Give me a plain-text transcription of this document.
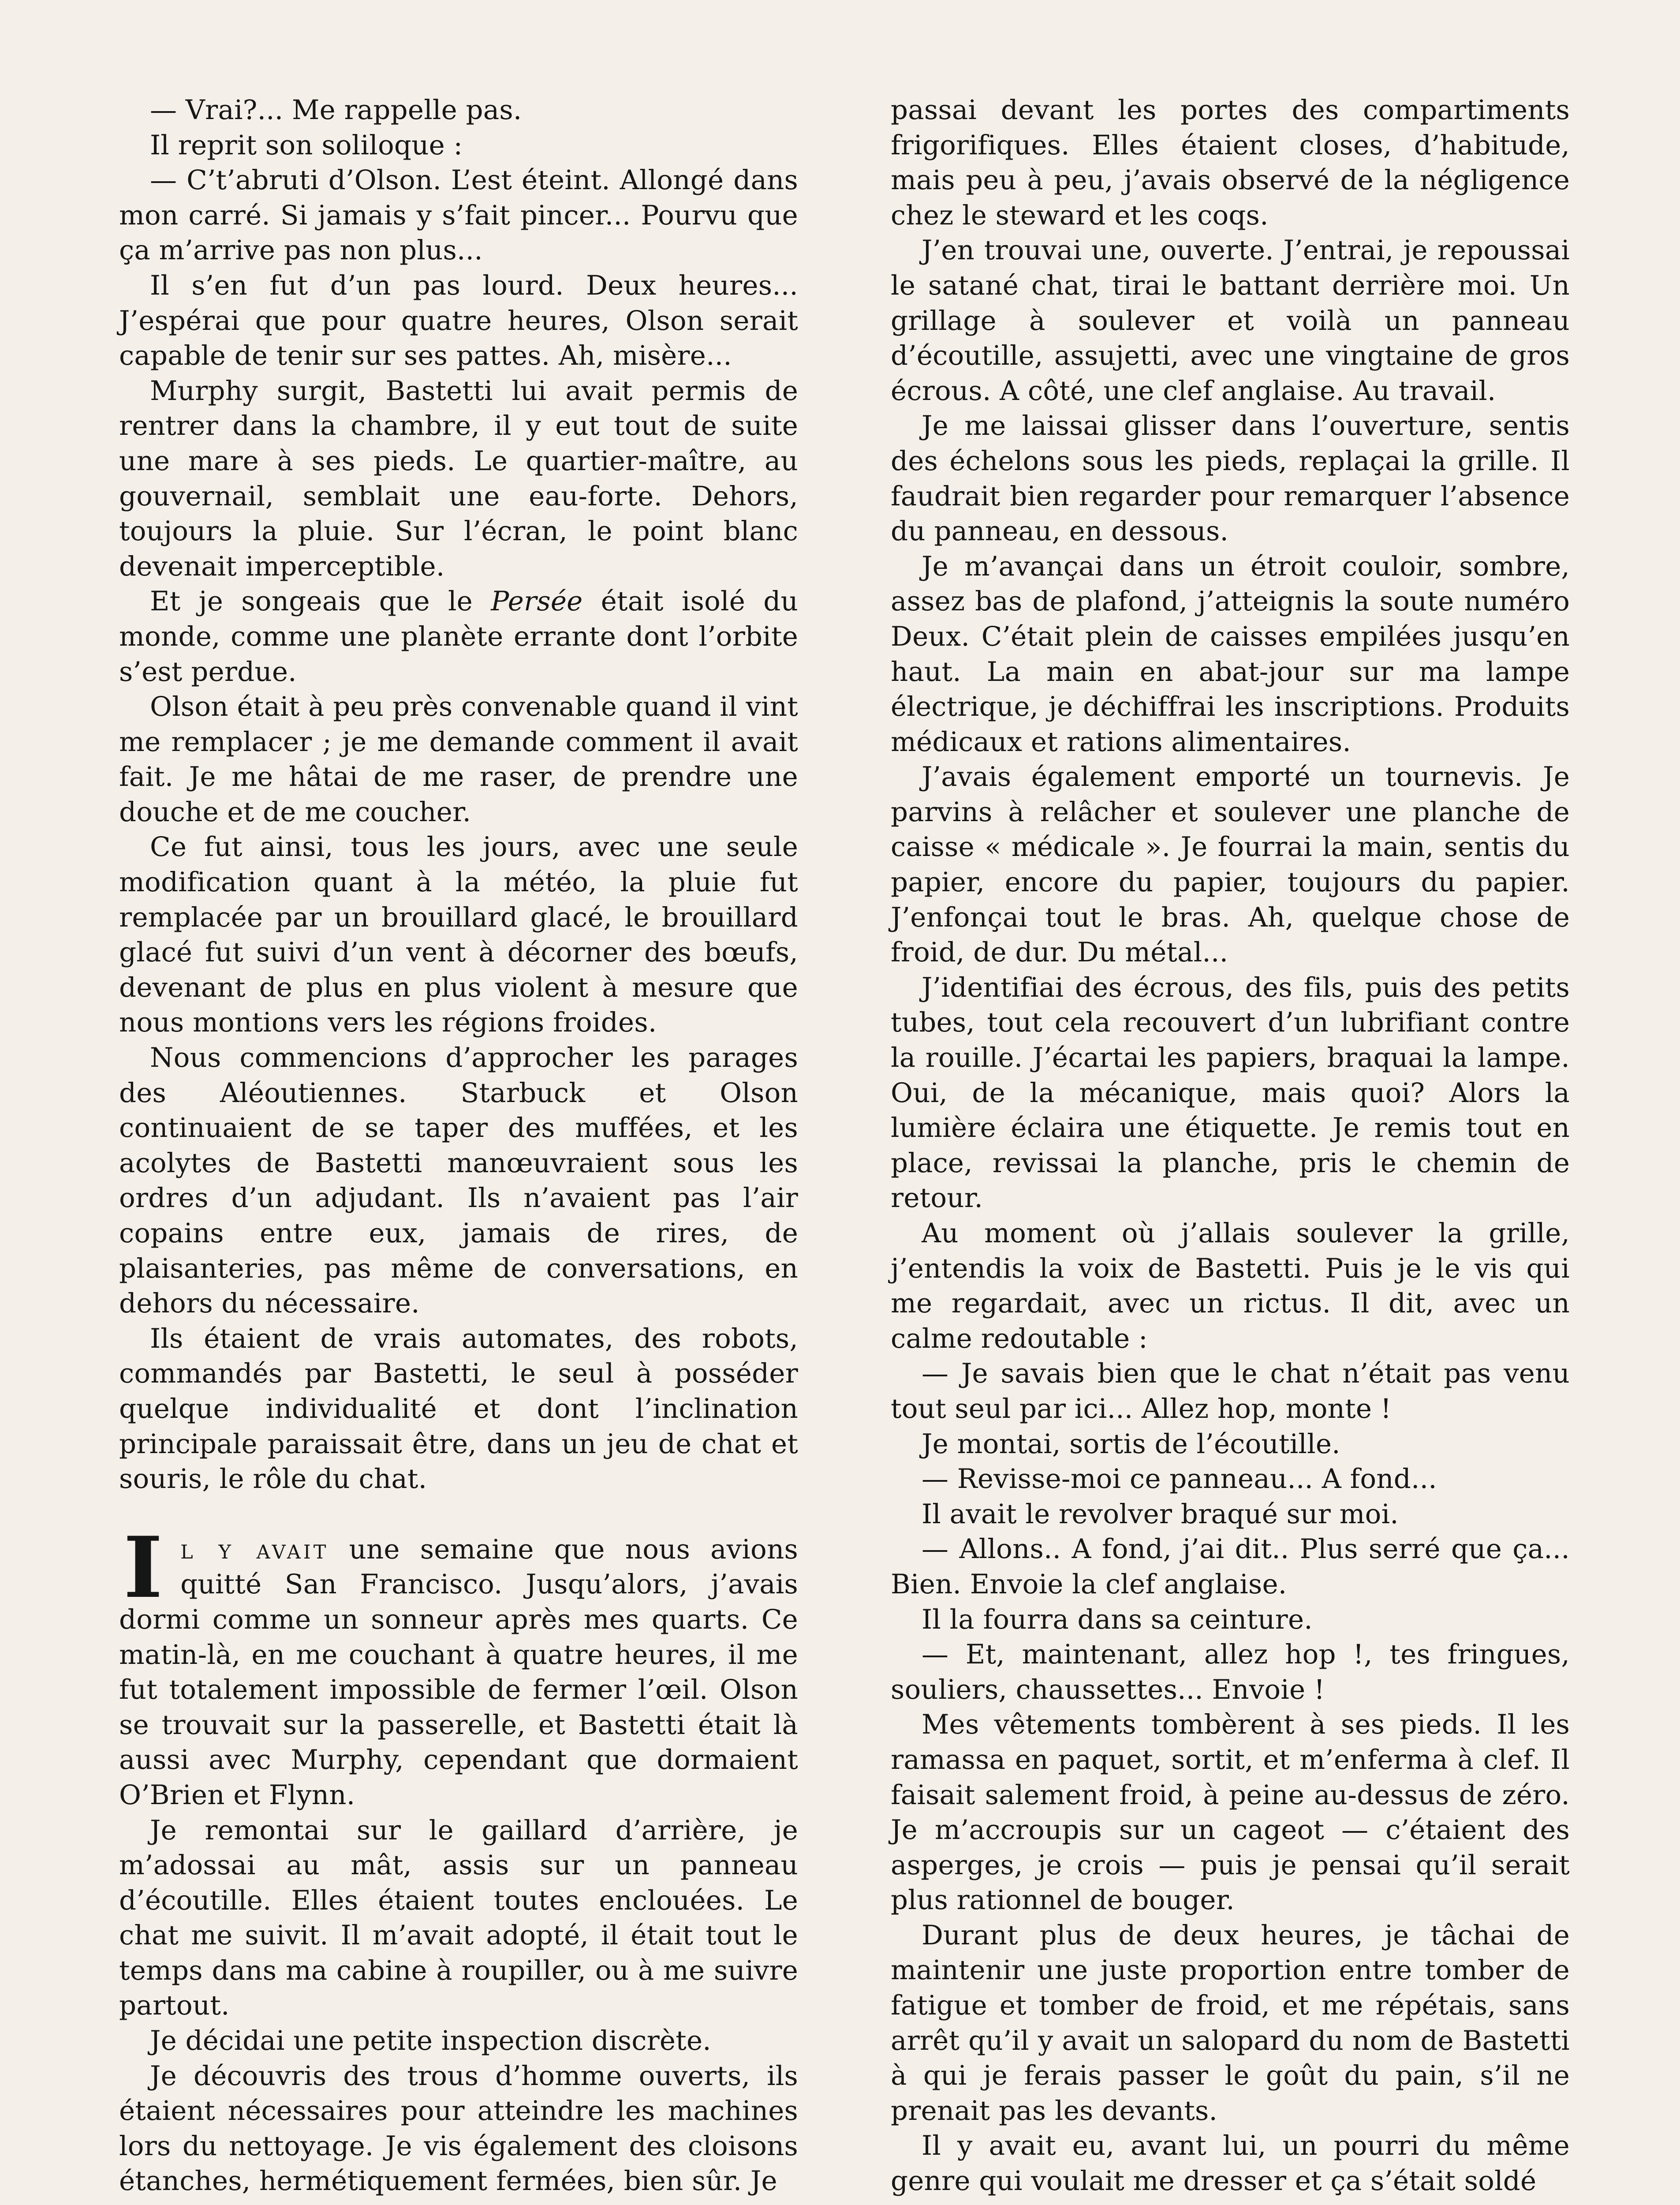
— Vrai?... Me rappelle pas.

Il reprit son soliloque :

— C’t’abruti d’Olson. L’est éteint. Allongé dans mon carré. Si jamais y s’fait pincer... Pourvu que ça m’arrive pas non plus...

Il s’en fut d’un pas lourd. Deux heures... J’espérai que pour quatre heures, Olson serait capable de tenir sur ses pattes. Ah, misère...

Murphy surgit, Bastetti lui avait permis de rentrer dans la chambre, il y eut tout de suite une mare à ses pieds. Le quartier-maître, au gouvernail, semblait une eau-forte. Dehors, toujours la pluie. Sur l’écran, le point blanc devenait imperceptible.

Et je songeais que le Persée était isolé du monde, comme une planète errante dont l’orbite s’est perdue.

Olson était à peu près convenable quand il vint me remplacer ; je me demande comment il avait fait. Je me hâtai de me raser, de prendre une douche et de me coucher.

Ce fut ainsi, tous les jours, avec une seule modification quant à la météo, la pluie fut remplacée par un brouillard glacé, le brouillard glacé fut suivi d’un vent à décorner des bœufs, devenant de plus en plus violent à mesure que nous montions vers les régions froides.

Nous commencions d’approcher les parages des Aléoutiennes. Starbuck et Olson continuaient de se taper des muffées, et les acolytes de Bastetti manœuvraient sous les ordres d’un adjudant. Ils n’avaient pas l’air copains entre eux, jamais de rires, de plaisanteries, pas même de conversations, en dehors du nécessaire.

Ils étaient de vrais automates, des robots, commandés par Bastetti, le seul à posséder quelque individualité et dont l’inclination principale paraissait être, dans un jeu de chat et souris, le rôle du chat.

Il y avait une semaine que nous avions quitté San Francisco. Jusqu’alors, j’avais dormi comme un sonneur après mes quarts. Ce matin-là, en me couchant à quatre heures, il me fut totalement impossible de fermer l’œil. Olson se trouvait sur la passerelle, et Bastetti était là aussi avec Murphy, cependant que dormaient O’Brien et Flynn.

Je remontai sur le gaillard d’arrière, je m’adossai au mât, assis sur un panneau d’écoutille. Elles étaient toutes enclouées. Le chat me suivit. Il m’avait adopté, il était tout le temps dans ma cabine à roupiller, ou à me suivre partout.

Je décidai une petite inspection discrète.

Je découvris des trous d’homme ouverts, ils étaient nécessaires pour atteindre les machines lors du nettoyage. Je vis également des cloisons étanches, hermétiquement fermées, bien sûr. Je

passai devant les portes des compartiments frigorifiques. Elles étaient closes, d’habitude, mais peu à peu, j’avais observé de la négligence chez le steward et les coqs.

J’en trouvai une, ouverte. J’entrai, je repoussai le satané chat, tirai le battant derrière moi. Un grillage à soulever et voilà un panneau d’écoutille, assujetti, avec une vingtaine de gros écrous. A côté, une clef anglaise. Au travail.

Je me laissai glisser dans l’ouverture, sentis des échelons sous les pieds, replaçai la grille. Il faudrait bien regarder pour remarquer l’absence du panneau, en dessous.

Je m’avançai dans un étroit couloir, sombre, assez bas de plafond, j’atteignis la soute numéro Deux. C’était plein de caisses empilées jusqu’en haut. La main en abat-jour sur ma lampe électrique, je déchiffrai les inscriptions. Produits médicaux et rations alimentaires.

J’avais également emporté un tournevis. Je parvins à relâcher et soulever une planche de caisse « médicale ». Je fourrai la main, sentis du papier, encore du papier, toujours du papier. J’enfonçai tout le bras. Ah, quelque chose de froid, de dur. Du métal...

J’identifiai des écrous, des fils, puis des petits tubes, tout cela recouvert d’un lubrifiant contre la rouille. J’écartai les papiers, braquai la lampe. Oui, de la mécanique, mais quoi? Alors la lumière éclaira une étiquette. Je remis tout en place, revissai la planche, pris le chemin de retour.

Au moment où j’allais soulever la grille, j’entendis la voix de Bastetti. Puis je le vis qui me regardait, avec un rictus. Il dit, avec un calme redoutable :

— Je savais bien que le chat n’était pas venu tout seul par ici... Allez hop, monte !

Je montai, sortis de l’écoutille.

— Revisse-moi ce panneau... A fond...

Il avait le revolver braqué sur moi.

— Allons.. A fond, j’ai dit.. Plus serré que ça... Bien. Envoie la clef anglaise.

Il la fourra dans sa ceinture.

— Et, maintenant, allez hop !, tes fringues, souliers, chaussettes... Envoie !

Mes vêtements tombèrent à ses pieds. Il les ramassa en paquet, sortit, et m’enferma à clef. Il faisait salement froid, à peine au-dessus de zéro. Je m’accroupis sur un cageot — c’étaient des asperges, je crois — puis je pensai qu’il serait plus rationnel de bouger.

Durant plus de deux heures, je tâchai de maintenir une juste proportion entre tomber de fatigue et tomber de froid, et me répétais, sans arrêt qu’il y avait un salopard du nom de Bastetti à qui je ferais passer le goût du pain, s’il ne prenait pas les devants.

Il y avait eu, avant lui, un pourri du même genre qui voulait me dresser et ça s’était soldé
